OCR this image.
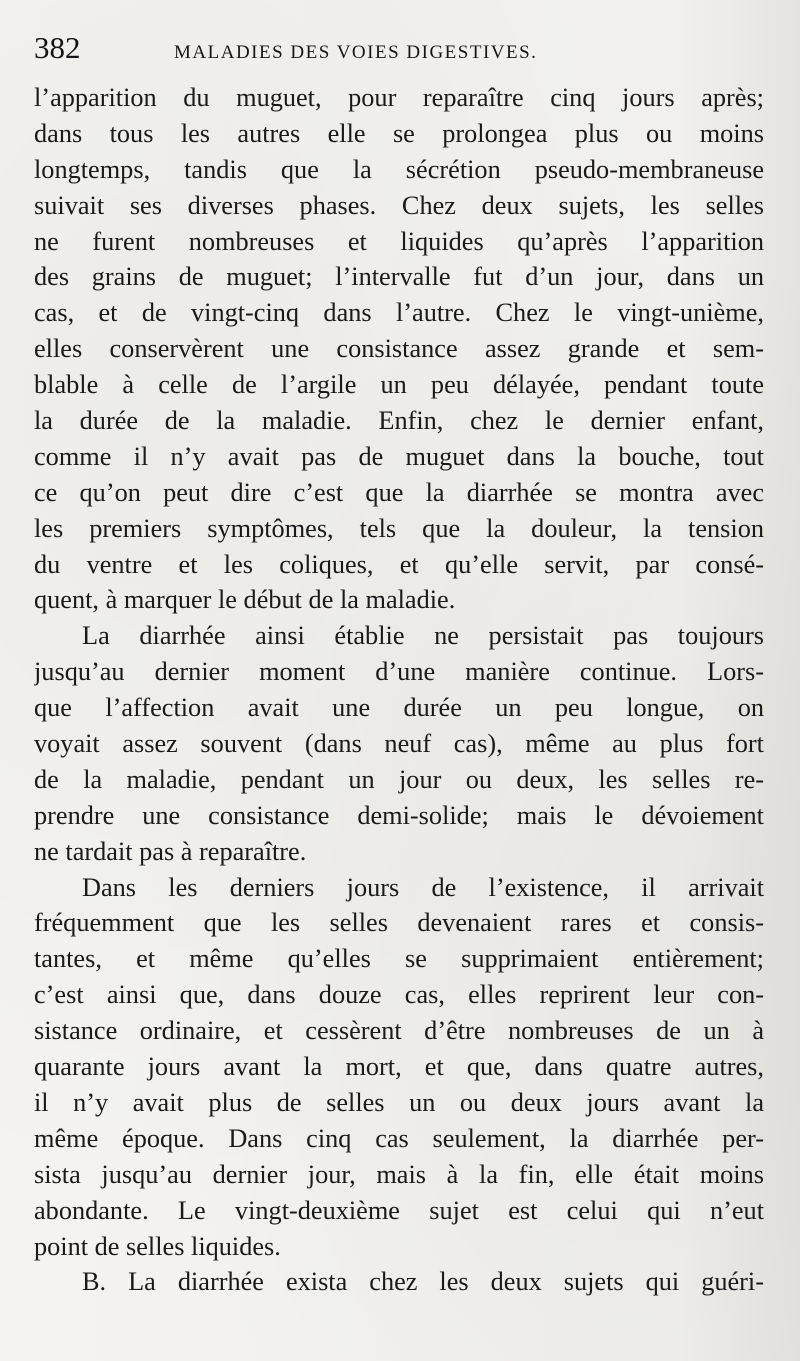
382	MALADIES DES VOIES DIGESTIVES.
l’apparition du muguet, pour reparaître cinq jours après;
dans tous les autres elle se prolongea plus ou moins
longtemps, tandis que la sécrétion pseudo-membraneuse
suivait ses diverses phases. Chez deux sujets, les selles
ne furent nombreuses et liquides qu’après l’apparition
des grains de muguet; l’intervalle fut d’un jour, dans un
cas, et de vingt-cinq dans l’autre. Chez le vingt-unième,
elles conservèrent une consistance assez grande et sem-
blable à celle de l’argile un peu délayée, pendant toute
la durée de la maladie. Enfin, chez le dernier enfant,
comme il n’y avait pas de muguet dans la bouche, tout
ce qu’on peut dire c’est que la diarrhée se montra avec
les premiers symptômes, tels que la douleur, la tension
du ventre et les coliques, et qu’elle servit, par consé-
quent, à marquer le début de la maladie.
La diarrhée ainsi établie ne persistait pas toujours
jusqu’au dernier moment d’une manière continue. Lors-
que l’affection avait une durée un peu longue, on
voyait assez souvent (dans neuf cas), même au plus fort
de la maladie, pendant un jour ou deux, les selles re-
prendre une consistance demi-solide; mais le dévoiement
ne tardait pas à reparaître.
Dans les derniers jours de l’existence, il arrivait
fréquemment que les selles devenaient rares et consis-
tantes, et même qu’elles se supprimaient entièrement;
c’est ainsi que, dans douze cas, elles reprirent leur con-
sistance ordinaire, et cessèrent d’être nombreuses de un à
quarante jours avant la mort, et que, dans quatre autres,
il n’y avait plus de selles un ou deux jours avant la
même époque. Dans cinq cas seulement, la diarrhée per-
sista jusqu’au dernier jour, mais à la fin, elle était moins
abondante. Le vingt-deuxième sujet est celui qui n’eut
point de selles liquides.
B. La diarrhée exista chez les deux sujets qui guéri-
